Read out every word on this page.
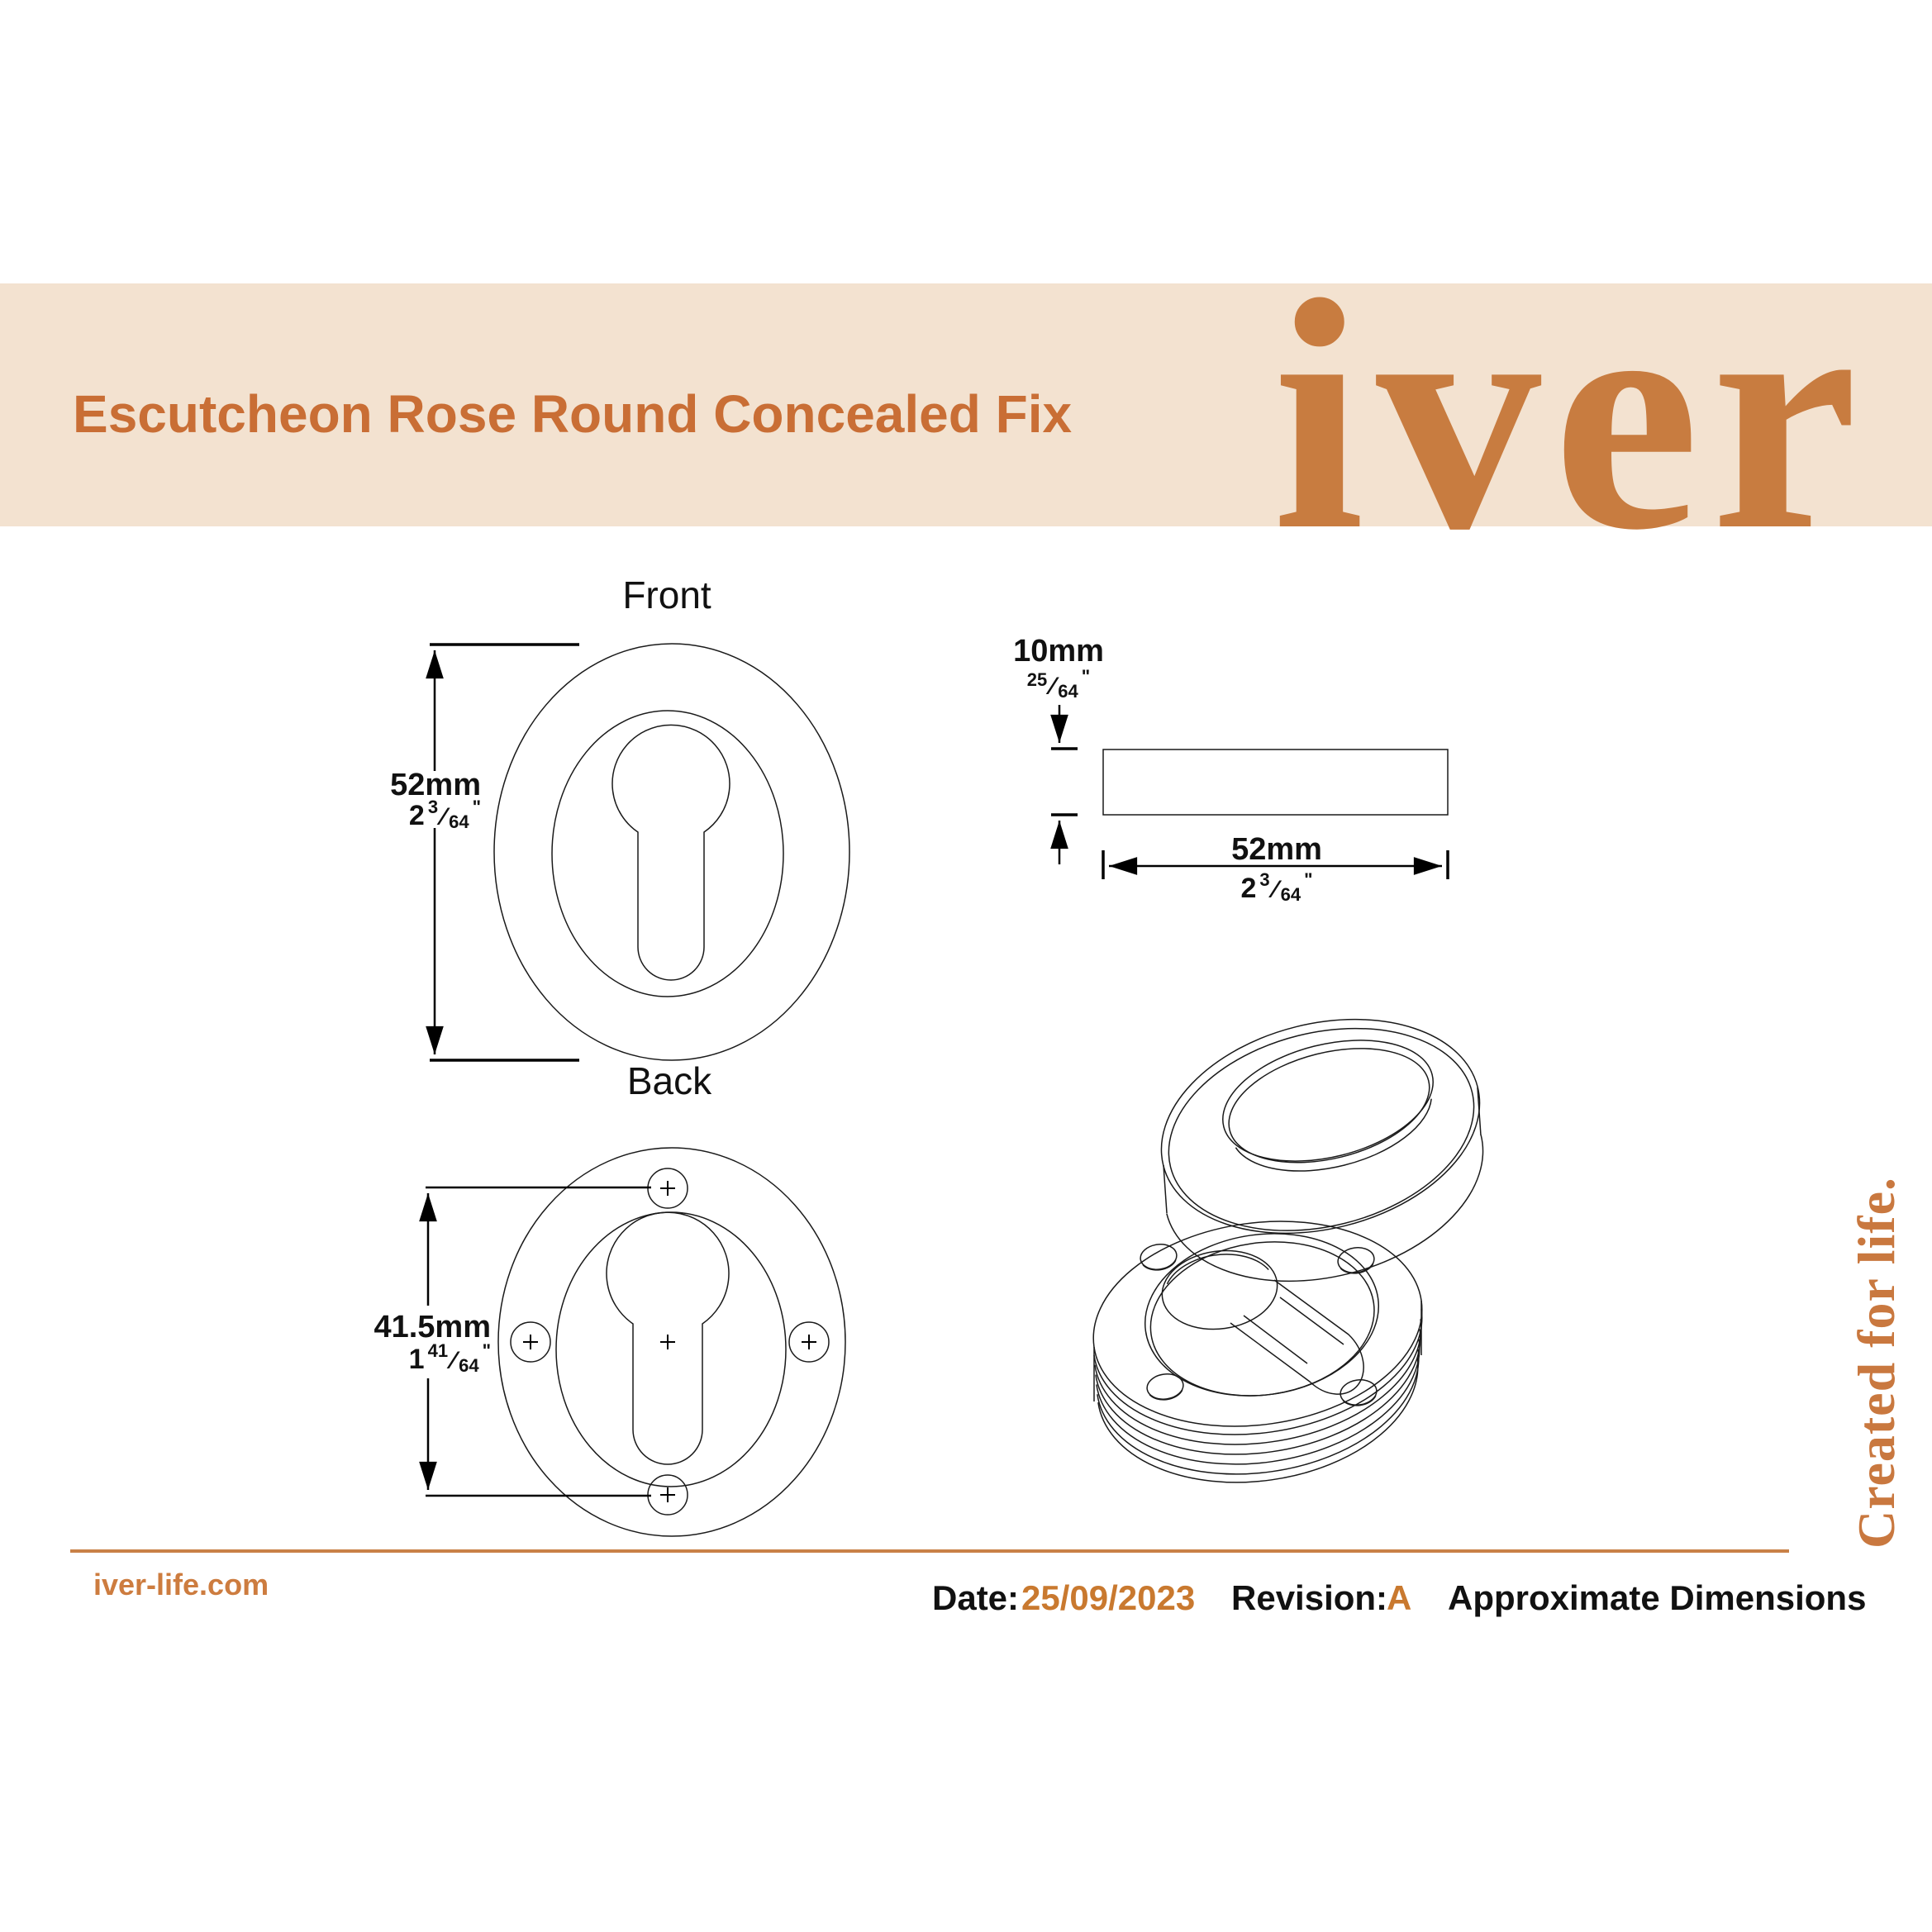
Escutcheon Rose Round Concealed Fix iver
Front
52mm
2 3 ⁄ 64 "
10mm
25 ⁄ 64 "
52mm
2 3 ⁄ 64 "
Back
41.5mm
1 41 ⁄ 64 "	Created for life.
iver-life.com	Date: 25/09/2023 Revision:
A Approximate Dimensions
